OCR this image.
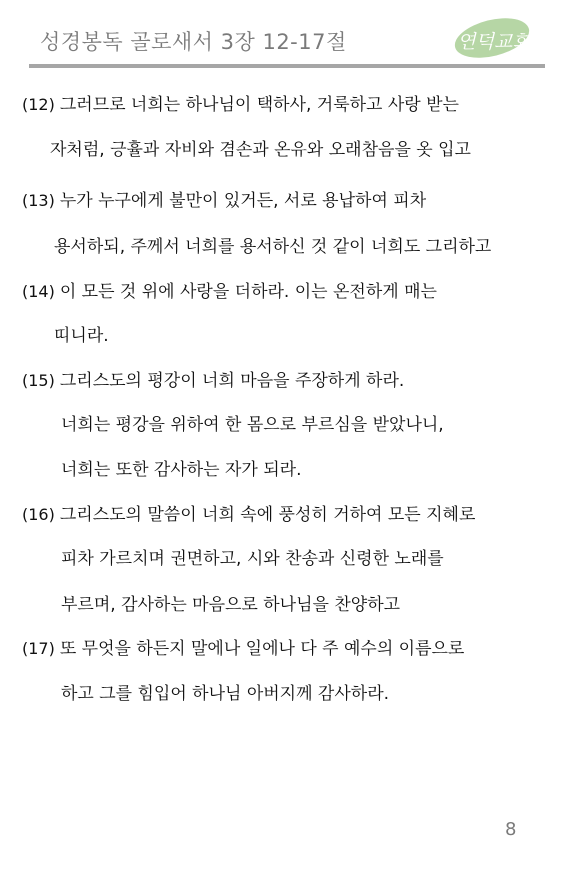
성경봉독 골로새서 3장 12-17절	연덕교회
(12) 그러므로 너희는 하나님이 택하사, 거룩하고 사랑 받는
자처럼, 긍휼과 자비와 겸손과 온유와 오래참음을 옷 입고
(13) 누가 누구에게 불만이 있거든, 서로 용납하여 피차
용서하되, 주께서 너희를 용서하신 것 같이 너희도 그리하고
(14) 이 모든 것 위에 사랑을 더하라. 이는 온전하게 매는
띠니라.
(15) 그리스도의 평강이 너희 마음을 주장하게 하라.
너희는 평강을 위하여 한 몸으로 부르심을 받았나니,
너희는 또한 감사하는 자가 되라.
(16) 그리스도의 말씀이 너희 속에 풍성히 거하여 모든 지혜로
피차 가르치며 권면하고, 시와 찬송과 신령한 노래를
부르며, 감사하는 마음으로 하나님을 찬양하고
(17) 또 무엇을 하든지 말에나 일에나 다 주 예수의 이름으로
하고 그를 힘입어 하나님 아버지께 감사하라.
8
